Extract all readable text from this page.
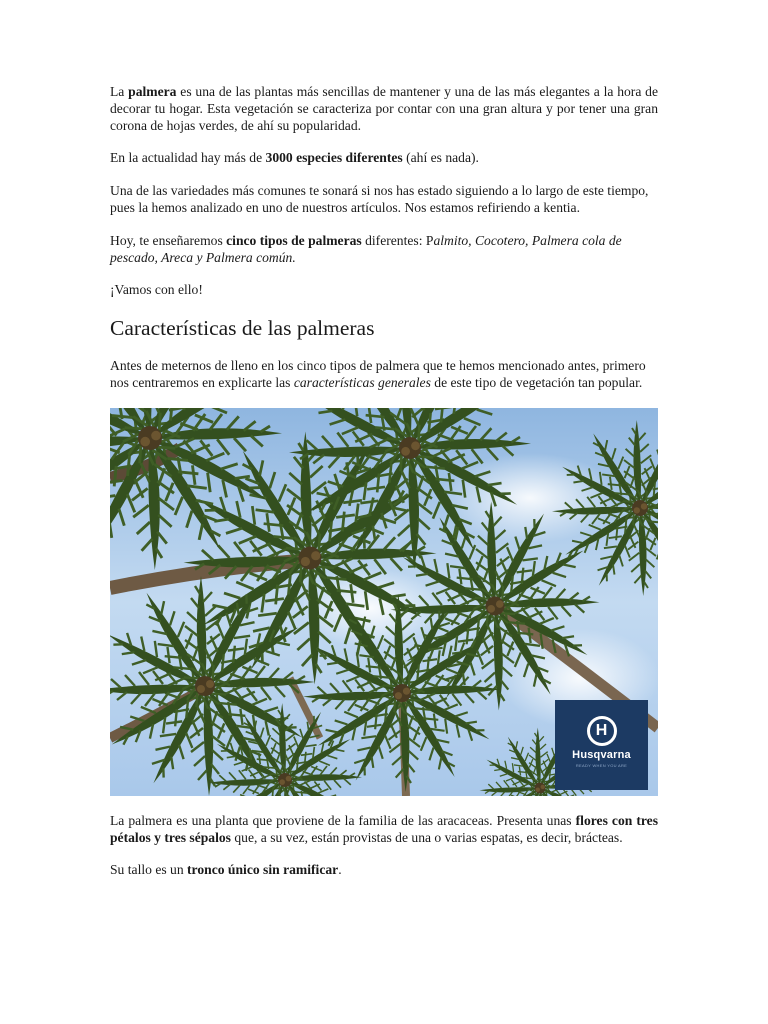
La palmera es una de las plantas más sencillas de mantener y una de las más elegantes a la hora de decorar tu hogar. Esta vegetación se caracteriza por contar con una gran altura y por tener una gran corona de hojas verdes, de ahí su popularidad.

En la actualidad hay más de 3000 especies diferentes (ahí es nada).

Una de las variedades más comunes te sonará si nos has estado siguiendo a lo largo de este tiempo, pues la hemos analizado en uno de nuestros artículos. Nos estamos refiriendo a kentia.

Hoy, te enseñaremos cinco tipos de palmeras diferentes: Palmito, Cocotero, Palmera cola de pescado, Areca y Palmera común.

¡Vamos con ello!

Características de las palmeras

Antes de meternos de lleno en los cinco tipos de palmera que te hemos mencionado antes, primero nos centraremos en explicarte las características generales de este tipo de vegetación tan popular.

H
Husqvarna
READY WHEN YOU ARE

La palmera es una planta que proviene de la familia de las aracaceas. Presenta unas flores con tres pétalos y tres sépalos que, a su vez, están provistas de una o varias espatas, es decir, brácteas.

Su tallo es un tronco único sin ramificar.
